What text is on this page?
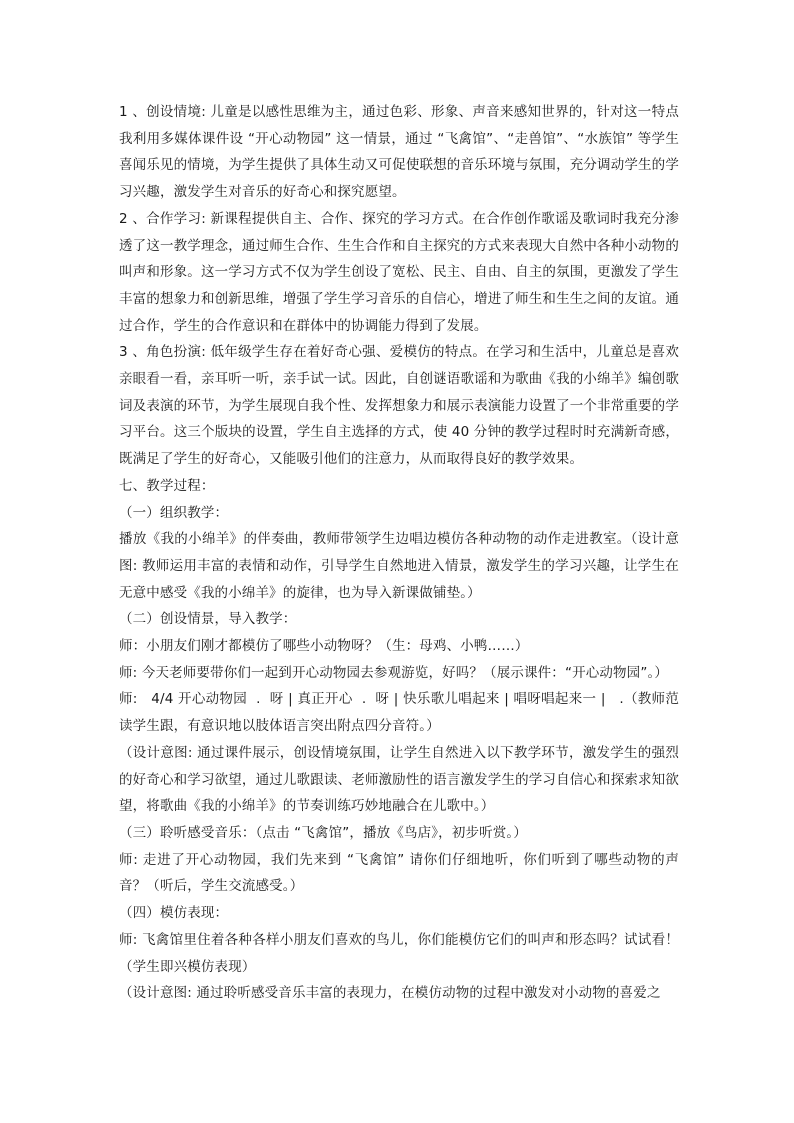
1 、创设情境: 儿童是以感性思维为主，通过色彩、形象、声音来感知世界的，针对这一特点我利用多媒体课件设 “开心动物园” 这一情景，通过 “飞禽馆”、“走兽馆”、“水族馆” 等学生喜闻乐见的情境，为学生提供了具体生动又可促使联想的音乐环境与氛围，充分调动学生的学习兴趣，激发学生对音乐的好奇心和探究愿望。

2 、合作学习: 新课程提供自主、合作、探究的学习方式。在合作创作歌谣及歌词时我充分渗透了这一教学理念，通过师生合作、生生合作和自主探究的方式来表现大自然中各种小动物的叫声和形象。这一学习方式不仅为学生创设了宽松、民主、自由、自主的氛围，更激发了学生丰富的想象力和创新思维，增强了学生学习音乐的自信心，增进了师生和生生之间的友谊。通过合作，学生的合作意识和在群体中的协调能力得到了发展。

3 、角色扮演: 低年级学生存在着好奇心强、爱模仿的特点。在学习和生活中，儿童总是喜欢亲眼看一看，亲耳听一听，亲手试一试。因此，自创谜语歌谣和为歌曲《我的小绵羊》编创歌词及表演的环节，为学生展现自我个性、发挥想象力和展示表演能力设置了一个非常重要的学习平台。这三个版块的设置，学生自主选择的方式，使 40 分钟的教学过程时时充满新奇感，既满足了学生的好奇心，又能吸引他们的注意力，从而取得良好的教学效果。

七、教学过程：

（一）组织教学：

播放《我的小绵羊》的伴奏曲，教师带领学生边唱边模仿各种动物的动作走进教室。（设计意图: 教师运用丰富的表情和动作，引导学生自然地进入情景，激发学生的学习兴趣，让学生在无意中感受《我的小绵羊》的旋律，也为导入新课做铺垫。）

（二）创设情景，导入教学：

师：小朋友们刚才都模仿了哪些小动物呀？（生：母鸡、小鸭……）

师: 今天老师要带你们一起到开心动物园去参观游览，好吗？（展示课件：“开心动物园”。）

师:   4/4 开心动物园  .  呀 | 真正开心  .  呀 | 快乐歌儿唱起来 | 唱呀唱起来一 |   .（教师范读学生跟，有意识地以肢体语言突出附点四分音符。）

（设计意图: 通过课件展示，创设情境氛围，让学生自然进入以下教学环节，激发学生的强烈的好奇心和学习欲望，通过儿歌跟读、老师激励性的语言激发学生的学习自信心和探索求知欲望，将歌曲《我的小绵羊》的节奏训练巧妙地融合在儿歌中。）

（三）聆听感受音乐：（点击 “飞禽馆”，播放《鸟店》，初步听赏。）

师: 走进了开心动物园，我们先来到 “飞禽馆” 请你们仔细地听，你们听到了哪些动物的声音？（听后，学生交流感受。）

（四）模仿表现：

师: 飞禽馆里住着各种各样小朋友们喜欢的鸟儿，你们能模仿它们的叫声和形态吗？试试看！（学生即兴模仿表现）

（设计意图: 通过聆听感受音乐丰富的表现力，在模仿动物的过程中激发对小动物的喜爱之
